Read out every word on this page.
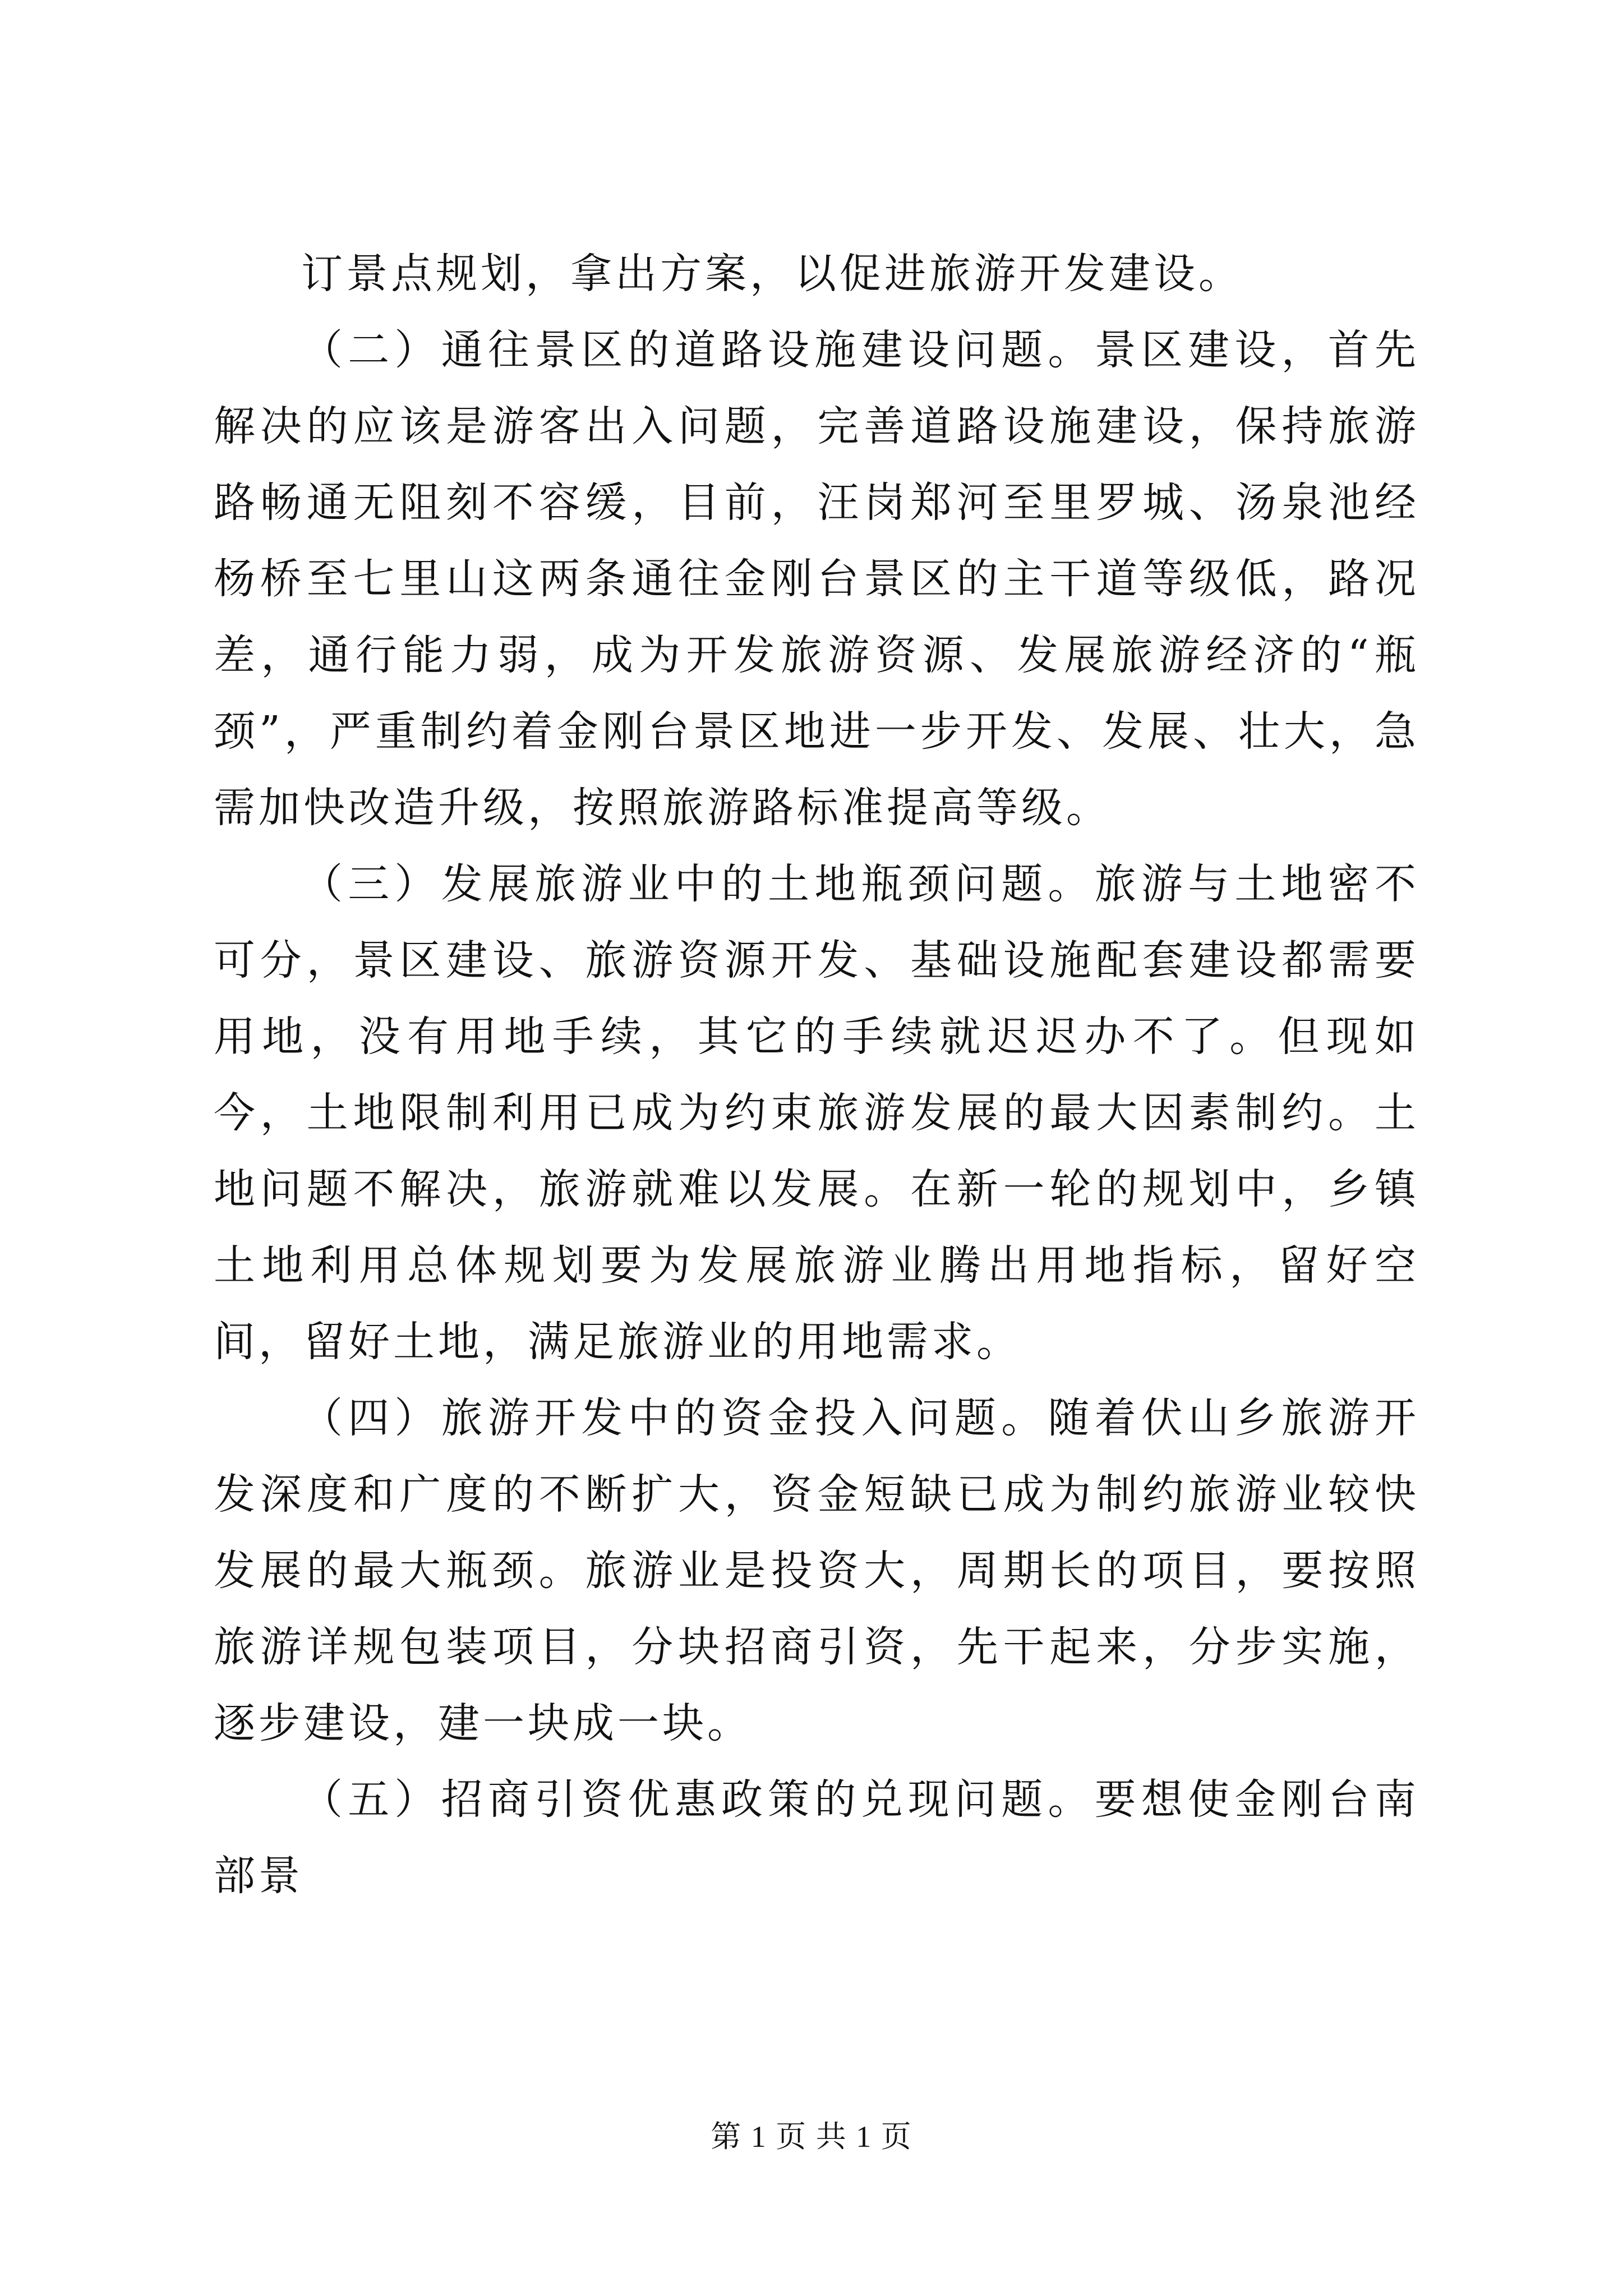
订景点规划，拿出方案，以促进旅游开发建设。

（二）通往景区的道路设施建设问题。景区建设，首先解决的应该是游客出入问题，完善道路设施建设，保持旅游路畅通无阻刻不容缓，目前，汪岗郑河至里罗城、汤泉池经杨桥至七里山这两条通往金刚台景区的主干道等级低，路况差，通行能力弱，成为开发旅游资源、发展旅游经济的“瓶颈”，严重制约着金刚台景区地进一步开发、发展、壮大，急需加快改造升级，按照旅游路标准提高等级。

（三）发展旅游业中的土地瓶颈问题。旅游与土地密不可分，景区建设、旅游资源开发、基础设施配套建设都需要用地，没有用地手续，其它的手续就迟迟办不了。但现如今，土地限制利用已成为约束旅游发展的最大因素制约。土地问题不解决，旅游就难以发展。在新一轮的规划中，乡镇土地利用总体规划要为发展旅游业腾出用地指标，留好空间，留好土地，满足旅游业的用地需求。

（四）旅游开发中的资金投入问题。随着伏山乡旅游开发深度和广度的不断扩大，资金短缺已成为制约旅游业较快发展的最大瓶颈。旅游业是投资大，周期长的项目，要按照旅游详规包装项目，分块招商引资，先干起来，分步实施，逐步建设，建一块成一块。

（五）招商引资优惠政策的兑现问题。要想使金刚台南部景

第 1 页 共 1 页
